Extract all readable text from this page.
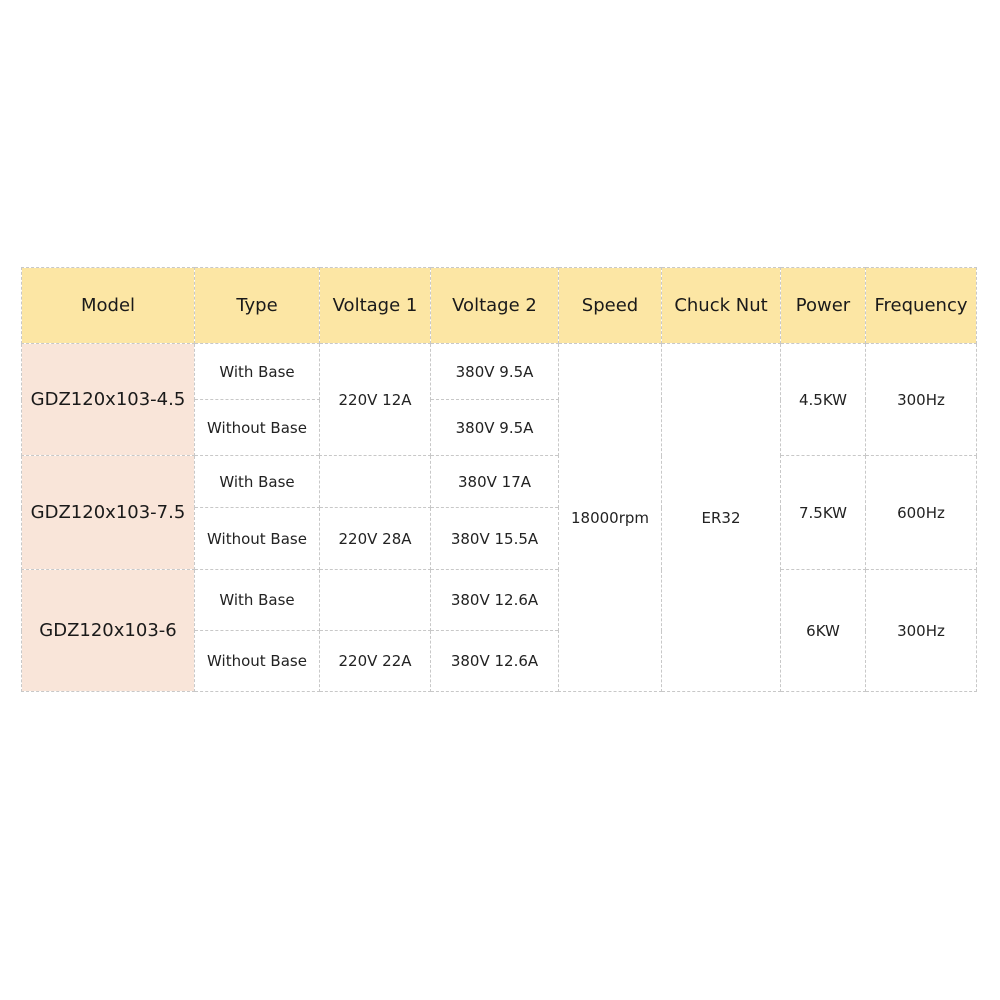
Model	Type	Voltage 1	Voltage 2	Speed	Chuck Nut	Power	Frequency
GDZ120x103-4.5	With Base	220V 12A	380V 9.5A	18000rpm	ER32	4.5KW	300Hz
	Without Base		380V 9.5A				
GDZ120x103-7.5	With Base		380V 17A			7.5KW	600Hz
	Without Base	220V 28A	380V 15.5A				
GDZ120x103-6	With Base		380V 12.6A			6KW	300Hz
	Without Base	220V 22A	380V 12.6A				
